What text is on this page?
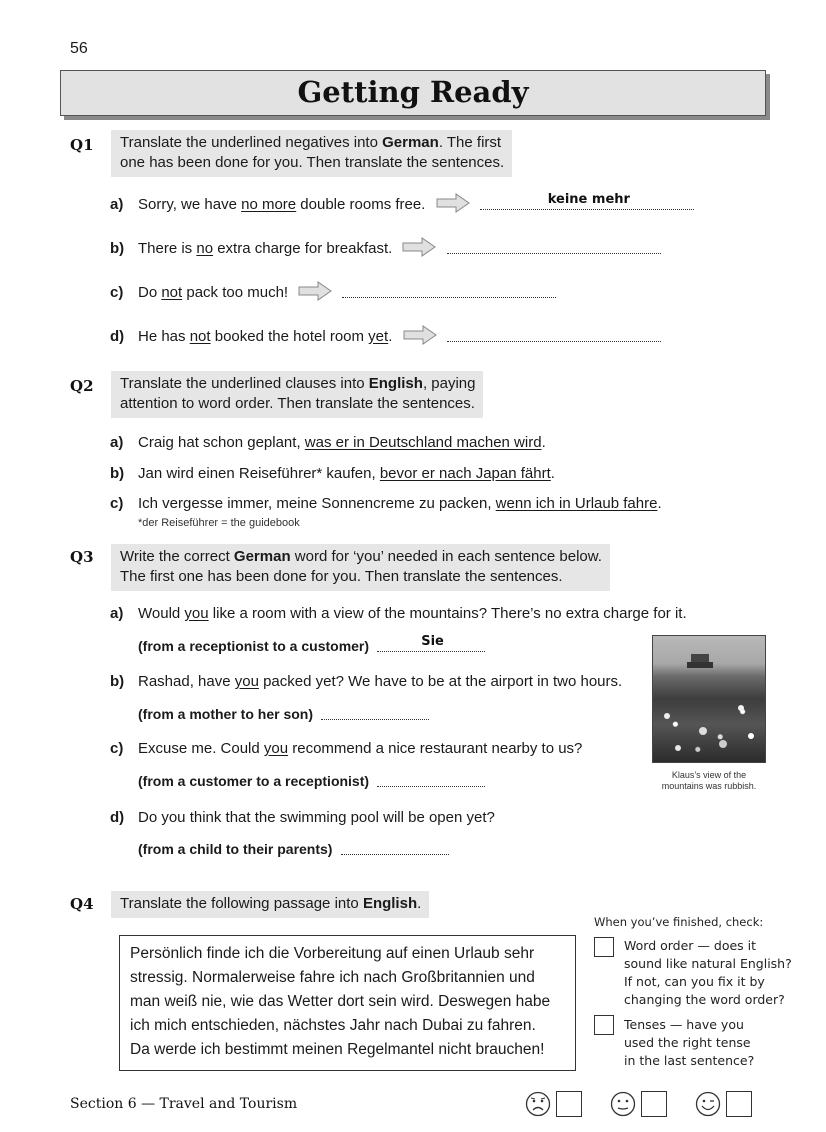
56
Getting Ready
Q1	Translate the underlined negatives into German. The first
one has been done for you. Then translate the sentences.
a) Sorry, we have no more double rooms free.	keine mehr
b) There is no extra charge for breakfast.
c) Do not pack too much!
d) He has not booked the hotel room yet.
Q2	Translate the underlined clauses into English, paying
attention to word order. Then translate the sentences.
a) Craig hat schon geplant, was er in Deutschland machen wird.
b) Jan wird einen Reiseführer* kaufen, bevor er nach Japan fährt.
c) Ich vergesse immer, meine Sonnencreme zu packen, wenn ich in Urlaub fahre.
*der Reiseführer = the guidebook
Q3	Write the correct German word for ‘you’ needed in each sentence below.
The first one has been done for you. Then translate the sentences.
a) Would you like a room with a view of the mountains? There’s no extra charge for it.
(from a receptionist to a customer)	Sie
b) Rashad, have you packed yet? We have to be at the airport in two hours.
(from a mother to her son)
c) Excuse me. Could you recommend a nice restaurant nearby to us?
(from a customer to a receptionist)
d) Do you think that the swimming pool will be open yet?
(from a child to their parents)
Klaus’s view of the
mountains was rubbish.
Q4	Translate the following passage into English.
Persönlich finde ich die Vorbereitung auf einen Urlaub sehr
stressig. Normalerweise fahre ich nach Großbritannien und
man weiß nie, wie das Wetter dort sein wird. Deswegen habe
ich mich entschieden, nächstes Jahr nach Dubai zu fahren.
Da werde ich bestimmt meinen Regelmantel nicht brauchen!
When you’ve finished, check:
Word order — does it
sound like natural English?
If not, can you fix it by
changing the word order?
Tenses — have you
used the right tense
in the last sentence?
Section 6 — Travel and Tourism
